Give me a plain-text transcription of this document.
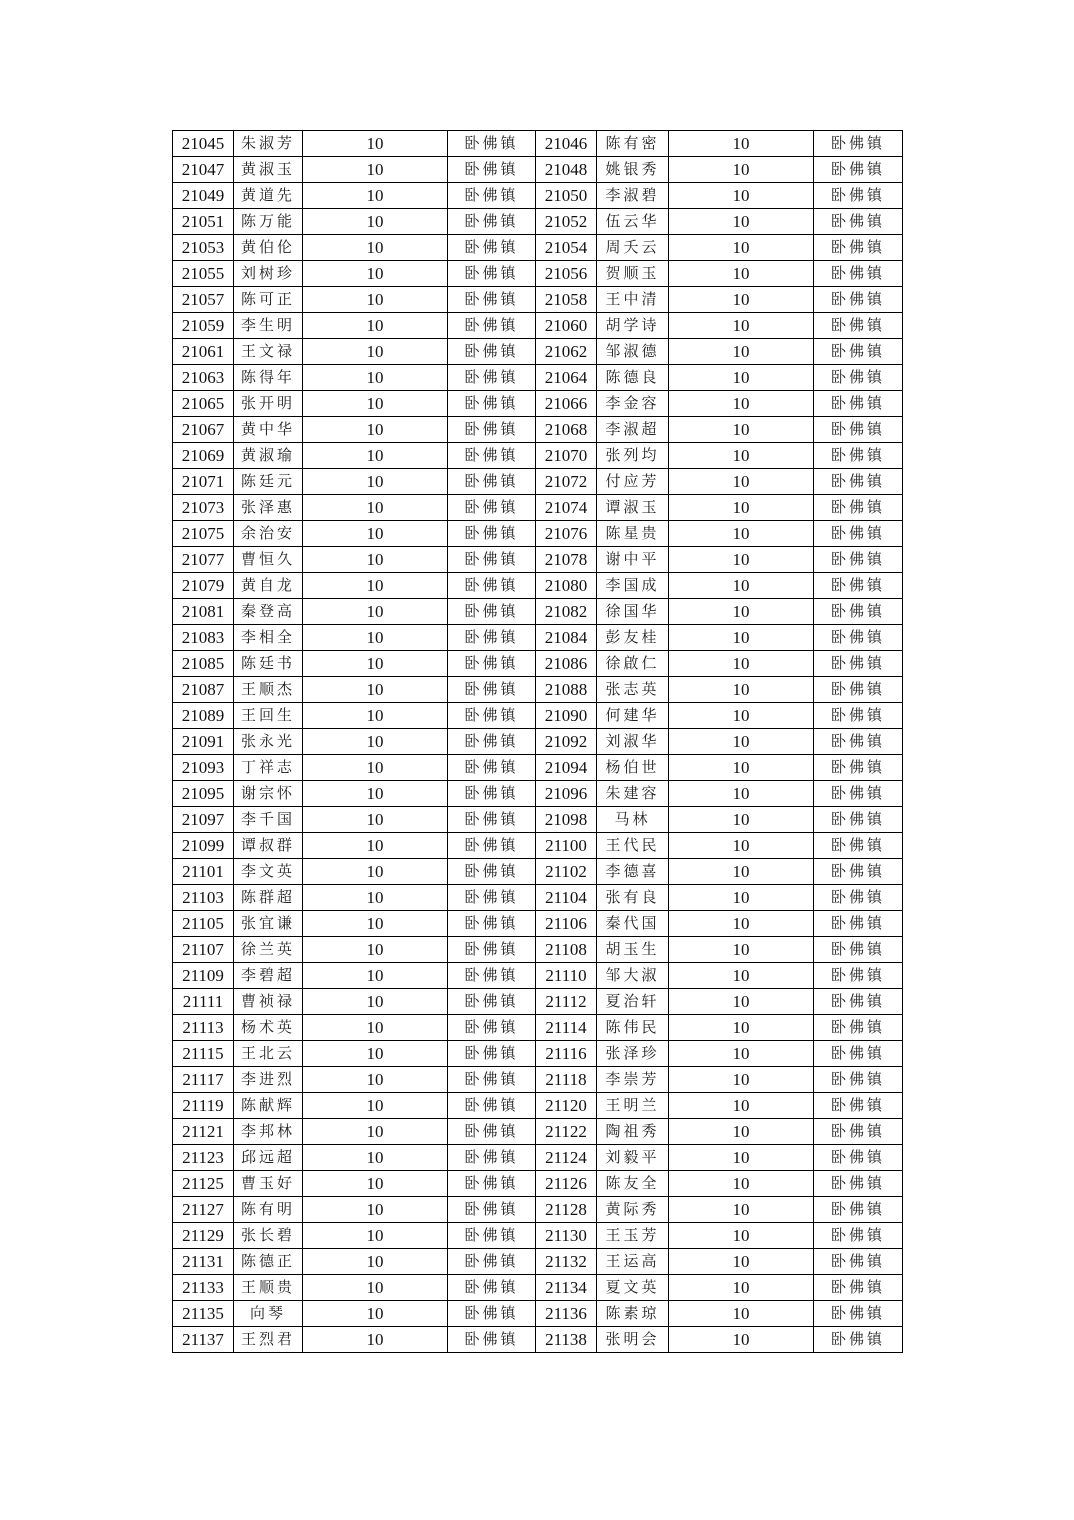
21045	朱淑芳	10	卧佛镇	21046	陈有密	10	卧佛镇
21047	黄淑玉	10	卧佛镇	21048	姚银秀	10	卧佛镇
21049	黄道先	10	卧佛镇	21050	李淑碧	10	卧佛镇
21051	陈万能	10	卧佛镇	21052	伍云华	10	卧佛镇
21053	黄伯伦	10	卧佛镇	21054	周夭云	10	卧佛镇
21055	刘树珍	10	卧佛镇	21056	贺顺玉	10	卧佛镇
21057	陈可正	10	卧佛镇	21058	王中清	10	卧佛镇
21059	李生明	10	卧佛镇	21060	胡学诗	10	卧佛镇
21061	王文禄	10	卧佛镇	21062	邹淑德	10	卧佛镇
21063	陈得年	10	卧佛镇	21064	陈德良	10	卧佛镇
21065	张开明	10	卧佛镇	21066	李金容	10	卧佛镇
21067	黄中华	10	卧佛镇	21068	李淑超	10	卧佛镇
21069	黄淑瑜	10	卧佛镇	21070	张列均	10	卧佛镇
21071	陈廷元	10	卧佛镇	21072	付应芳	10	卧佛镇
21073	张泽惠	10	卧佛镇	21074	谭淑玉	10	卧佛镇
21075	余治安	10	卧佛镇	21076	陈星贵	10	卧佛镇
21077	曹恒久	10	卧佛镇	21078	谢中平	10	卧佛镇
21079	黄自龙	10	卧佛镇	21080	李国成	10	卧佛镇
21081	秦登高	10	卧佛镇	21082	徐国华	10	卧佛镇
21083	李相全	10	卧佛镇	21084	彭友桂	10	卧佛镇
21085	陈廷书	10	卧佛镇	21086	徐啟仁	10	卧佛镇
21087	王顺杰	10	卧佛镇	21088	张志英	10	卧佛镇
21089	王回生	10	卧佛镇	21090	何建华	10	卧佛镇
21091	张永光	10	卧佛镇	21092	刘淑华	10	卧佛镇
21093	丁祥志	10	卧佛镇	21094	杨伯世	10	卧佛镇
21095	谢宗怀	10	卧佛镇	21096	朱建容	10	卧佛镇
21097	李千国	10	卧佛镇	21098	马林	10	卧佛镇
21099	谭叔群	10	卧佛镇	21100	王代民	10	卧佛镇
21101	李文英	10	卧佛镇	21102	李德喜	10	卧佛镇
21103	陈群超	10	卧佛镇	21104	张有良	10	卧佛镇
21105	张宜谦	10	卧佛镇	21106	秦代国	10	卧佛镇
21107	徐兰英	10	卧佛镇	21108	胡玉生	10	卧佛镇
21109	李碧超	10	卧佛镇	21110	邹大淑	10	卧佛镇
21111	曹祯禄	10	卧佛镇	21112	夏治轩	10	卧佛镇
21113	杨术英	10	卧佛镇	21114	陈伟民	10	卧佛镇
21115	王北云	10	卧佛镇	21116	张泽珍	10	卧佛镇
21117	李进烈	10	卧佛镇	21118	李崇芳	10	卧佛镇
21119	陈献辉	10	卧佛镇	21120	王明兰	10	卧佛镇
21121	李邦林	10	卧佛镇	21122	陶祖秀	10	卧佛镇
21123	邱远超	10	卧佛镇	21124	刘毅平	10	卧佛镇
21125	曹玉好	10	卧佛镇	21126	陈友全	10	卧佛镇
21127	陈有明	10	卧佛镇	21128	黄际秀	10	卧佛镇
21129	张长碧	10	卧佛镇	21130	王玉芳	10	卧佛镇
21131	陈德正	10	卧佛镇	21132	王运高	10	卧佛镇
21133	王顺贵	10	卧佛镇	21134	夏文英	10	卧佛镇
21135	向琴	10	卧佛镇	21136	陈素琼	10	卧佛镇
21137	王烈君	10	卧佛镇	21138	张明会	10	卧佛镇
